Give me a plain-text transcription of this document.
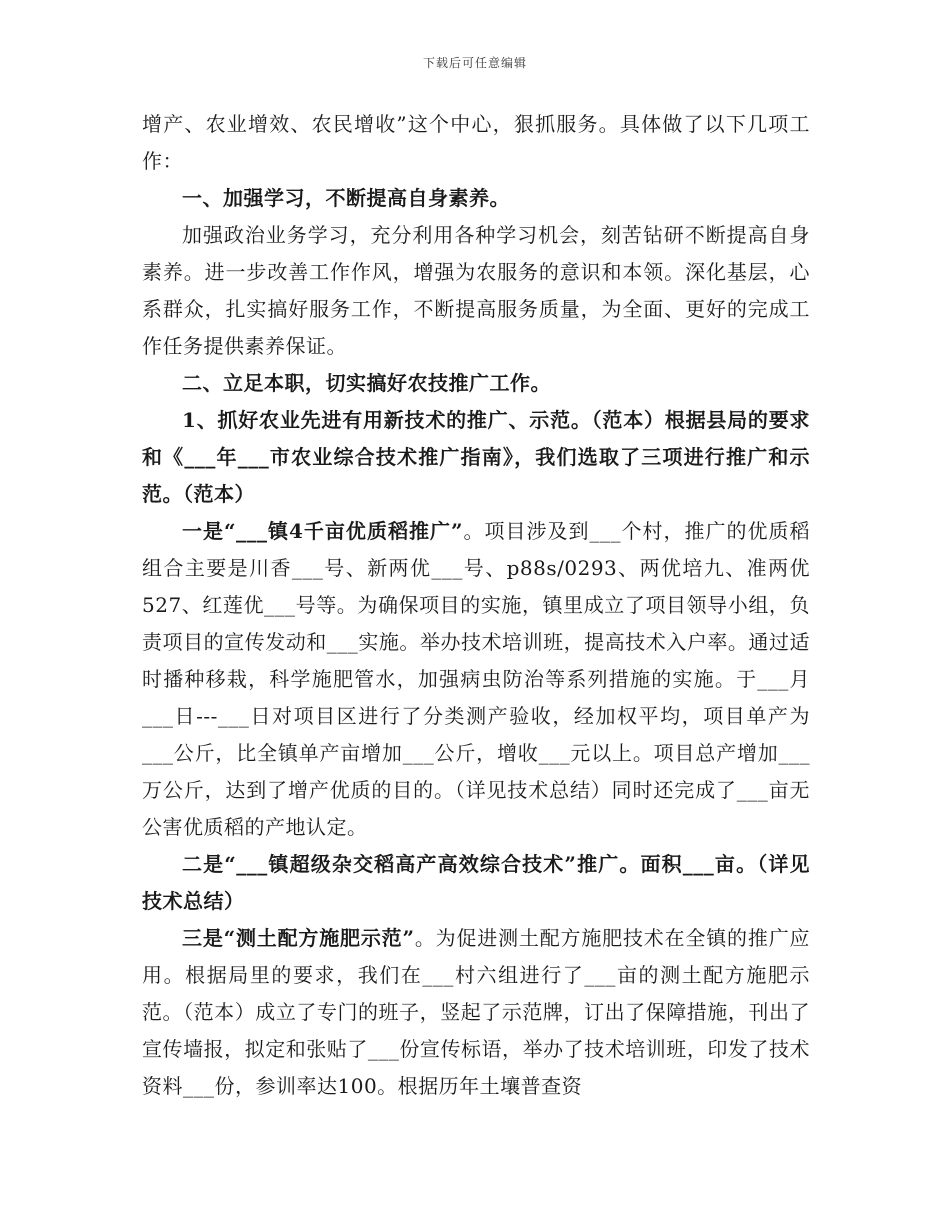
下载后可任意编辑

增产、农业增效、农民增收”这个中心，狠抓服务。具体做了以下几项工作：

一、加强学习，不断提高自身素养。

加强政治业务学习，充分利用各种学习机会，刻苦钻研不断提高自身素养。进一步改善工作作风，增强为农服务的意识和本领。深化基层，心系群众，扎实搞好服务工作，不断提高服务质量，为全面、更好的完成工作任务提供素养保证。

二、立足本职，切实搞好农技推广工作。

1、抓好农业先进有用新技术的推广、示范。（范本）根据县局的要求和《___年___市农业综合技术推广指南》，我们选取了三项进行推广和示范。（范本）

一是“___镇4千亩优质稻推广”。项目涉及到___个村，推广的优质稻组合主要是川香___号、新两优___号、p88s/0293、两优培九、准两优527、红莲优___号等。为确保项目的实施，镇里成立了项目领导小组，负责项目的宣传发动和___实施。举办技术培训班，提高技术入户率。通过适时播种移栽，科学施肥管水，加强病虫防治等系列措施的实施。于___月___日---___日对项目区进行了分类测产验收，经加权平均，项目单产为___公斤，比全镇单产亩增加___公斤，增收___元以上。项目总产增加___万公斤，达到了增产优质的目的。（详见技术总结）同时还完成了___亩无公害优质稻的产地认定。

二是“___镇超级杂交稻高产高效综合技术”推广。面积___亩。（详见技术总结）

三是“测土配方施肥示范”。为促进测土配方施肥技术在全镇的推广应用。根据局里的要求，我们在___村六组进行了___亩的测土配方施肥示范。（范本）成立了专门的班子，竖起了示范牌，订出了保障措施，刊出了宣传墙报，拟定和张贴了___份宣传标语，举办了技术培训班，印发了技术资料___份，参训率达100。根据历年土壤普查资
